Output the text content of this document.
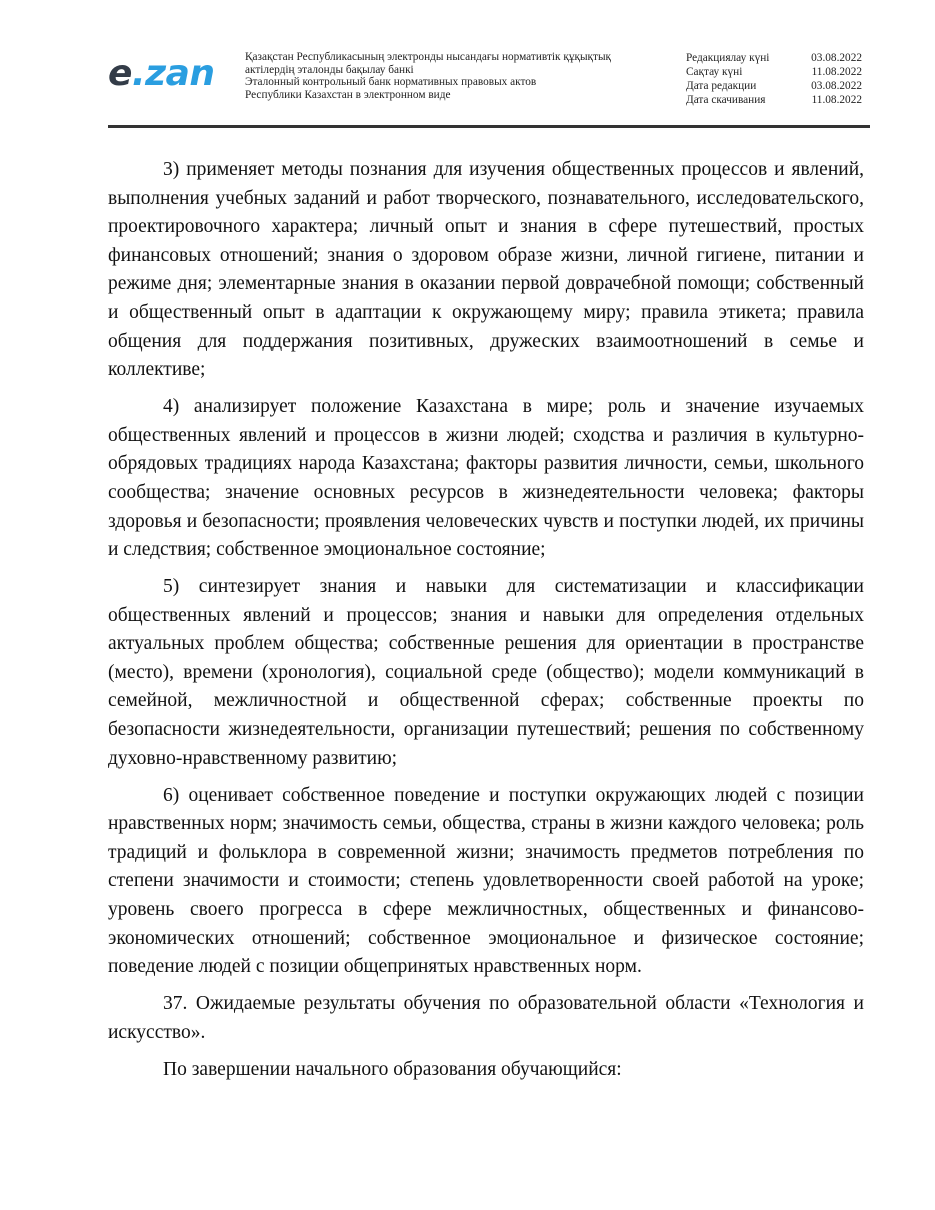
e.zan	Қазақстан Республикасының электронды нысандағы нормативтік құқықтық
актілердің эталонды бақылау банкі
Эталонный контрольный банк нормативных правовых актов
Республики Казахстан в электронном виде
Редакциялау күні	03.08.2022
Сақтау күні	11.08.2022
Дата редакции	03.08.2022
Дата скачивания	11.08.2022

3) применяет методы познания для изучения общественных процессов и явлений, выполнения учебных заданий и работ творческого, познавательного, исследовательского, проектировочного характера; личный опыт и знания в сфере путешествий, простых финансовых отношений; знания о здоровом образе жизни, личной гигиене, питании и режиме дня; элементарные знания в оказании первой доврачебной помощи; собственный и общественный опыт в адаптации к окружающему миру; правила этикета; правила общения для поддержания позитивных, дружеских взаимоотношений в семье и коллективе;

4) анализирует положение Казахстана в мире; роль и значение изучаемых общественных явлений и процессов в жизни людей; сходства и различия в культурно-обрядовых традициях народа Казахстана; факторы развития личности, семьи, школьного сообщества; значение основных ресурсов в жизнедеятельности человека; факторы здоровья и безопасности; проявления человеческих чувств и поступки людей, их причины и следствия; собственное эмоциональное состояние;

5) синтезирует знания и навыки для систематизации и классификации общественных явлений и процессов; знания и навыки для определения отдельных актуальных проблем общества; собственные решения для ориентации в пространстве (место), времени (хронология), социальной среде (общество); модели коммуникаций в семейной, межличностной и общественной сферах; собственные проекты по безопасности жизнедеятельности, организации путешествий; решения по собственному духовно-нравственному развитию;

6) оценивает собственное поведение и поступки окружающих людей с позиции нравственных норм; значимость семьи, общества, страны в жизни каждого человека; роль традиций и фольклора в современной жизни; значимость предметов потребления по степени значимости и стоимости; степень удовлетворенности своей работой на уроке; уровень своего прогресса в сфере межличностных, общественных и финансово-экономических отношений; собственное эмоциональное и физическое состояние; поведение людей с позиции общепринятых нравственных норм.

37. Ожидаемые результаты обучения по образовательной области «Технология и искусство».

По завершении начального образования обучающийся:
